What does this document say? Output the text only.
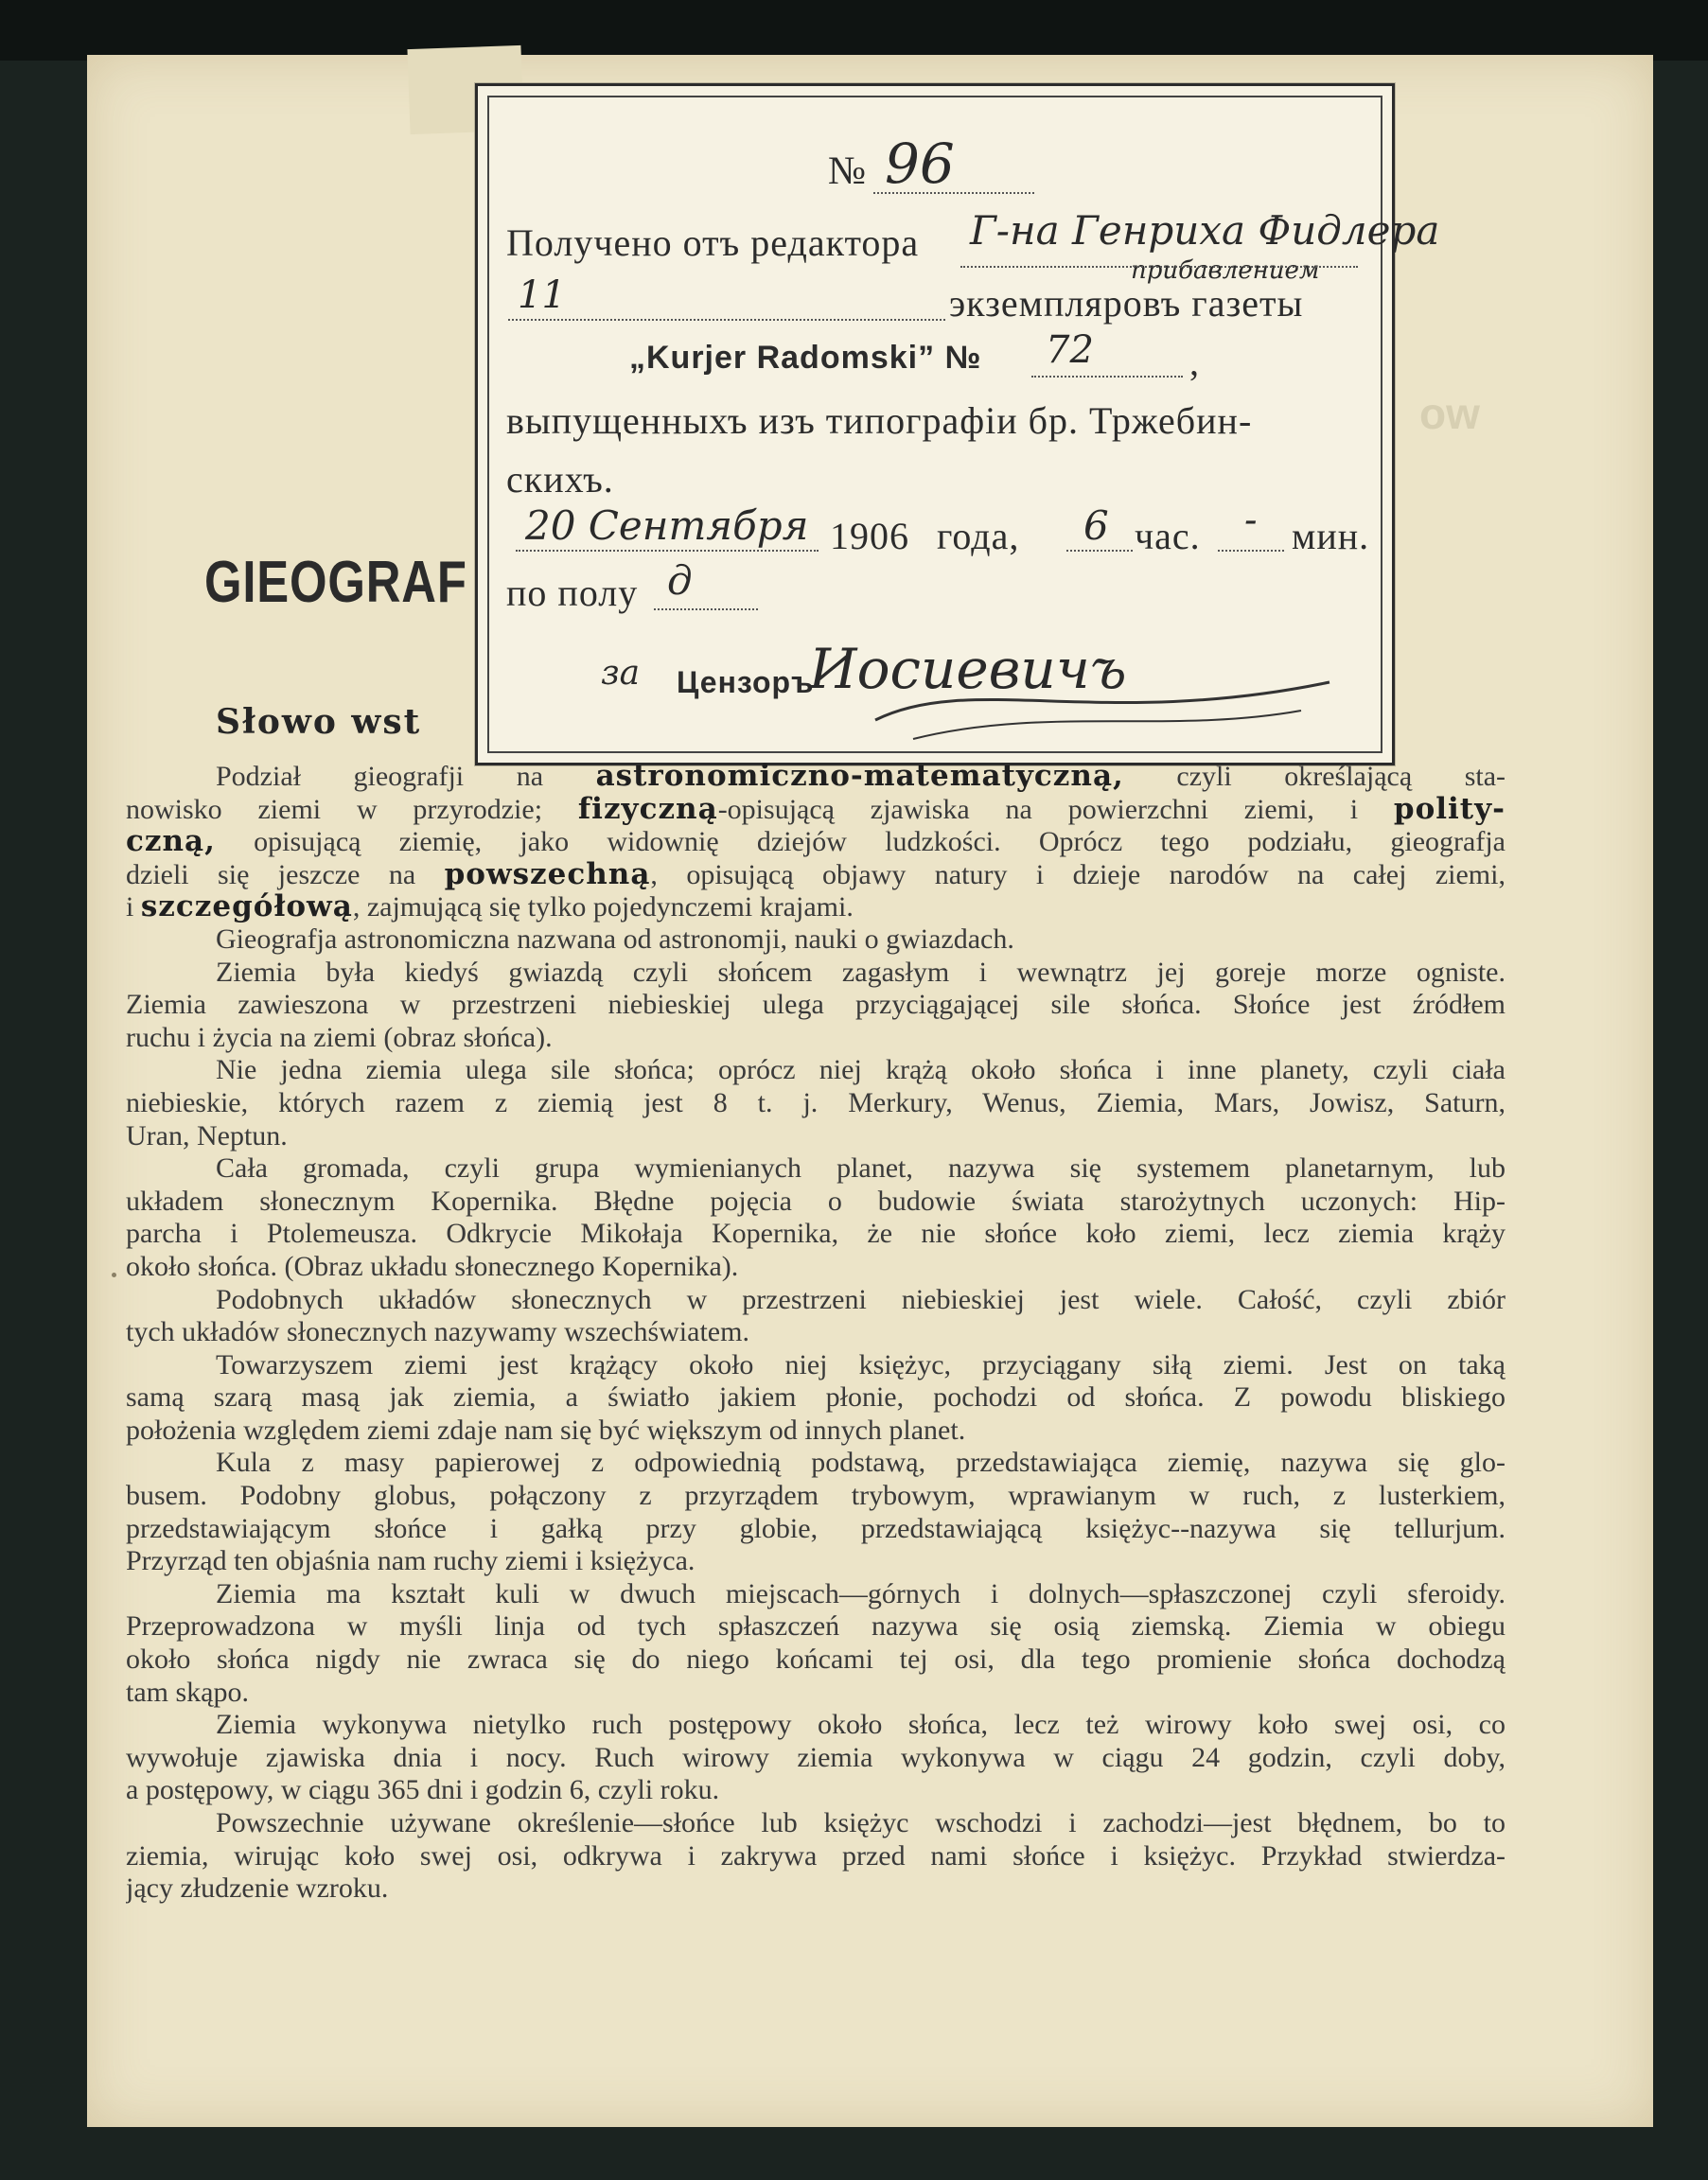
ow
GIEOGRAF
Słowo wst
№ 96
Получено отъ редактора Г-на Генриха Фидлера
прибавлением
11	экземпляровъ газеты
„Kurjer Radomski” № 72	,
выпущенныхъ изъ типографіи бр. Тржебин-
скихъ.
20 Сентября 1906 года, 6 час. - мин.
по полу д
за Цензоръ
Иосиевичъ
Podział gieografji na astronomiczno-matematyczną, czyli określającą sta-
nowisko ziemi w przyrodzie; fizyczną-opisującą zjawiska na powierzchni ziemi, i polity-
czną, opisującą ziemię, jako widownię dziejów ludzkości. Oprócz tego podziału, gieografja
dzieli się jeszcze na powszechną, opisującą objawy natury i dzieje narodów na całej ziemi,
i szczegółową, zajmującą się tylko pojedynczemi krajami.
Gieografja astronomiczna nazwana od astronomji, nauki o gwiazdach.
Ziemia była kiedyś gwiazdą czyli słońcem zagasłym i wewnątrz jej goreje morze ogniste.
Ziemia zawieszona w przestrzeni niebieskiej ulega przyciągającej sile słońca. Słońce jest źródłem
ruchu i życia na ziemi (obraz słońca).
Nie jedna ziemia ulega sile słońca; oprócz niej krążą około słońca i inne planety, czyli ciała
niebieskie, których razem z ziemią jest 8 t. j. Merkury, Wenus, Ziemia, Mars, Jowisz, Saturn,
Uran, Neptun.
Cała gromada, czyli grupa wymienianych planet, nazywa się systemem planetarnym, lub
układem słonecznym Kopernika. Błędne pojęcia o budowie świata starożytnych uczonych: Hip-
parcha i Ptolemeusza. Odkrycie Mikołaja Kopernika, że nie słońce koło ziemi, lecz ziemia krąży
około słońca. (Obraz układu słonecznego Kopernika).
Podobnych układów słonecznych w przestrzeni niebieskiej jest wiele. Całość, czyli zbiór
tych układów słonecznych nazywamy wszechświatem.
Towarzyszem ziemi jest krążący około niej księżyc, przyciągany siłą ziemi. Jest on taką
samą szarą masą jak ziemia, a światło jakiem płonie, pochodzi od słońca. Z powodu bliskiego
położenia względem ziemi zdaje nam się być większym od innych planet.
Kula z masy papierowej z odpowiednią podstawą, przedstawiająca ziemię, nazywa się glo-
busem. Podobny globus, połączony z przyrządem trybowym, wprawianym w ruch, z lusterkiem,
przedstawiającym słońce i gałką przy globie, przedstawiającą księżyc--nazywa się tellurjum.
Przyrząd ten objaśnia nam ruchy ziemi i księżyca.
Ziemia ma kształt kuli w dwuch miejscach—górnych i dolnych—spłaszczonej czyli sferoidy.
Przeprowadzona w myśli linja od tych spłaszczeń nazywa się osią ziemską. Ziemia w obiegu
około słońca nigdy nie zwraca się do niego końcami tej osi, dla tego promienie słońca dochodzą
tam skąpo.
Ziemia wykonywa nietylko ruch postępowy około słońca, lecz też wirowy koło swej osi, co
wywołuje zjawiska dnia i nocy. Ruch wirowy ziemia wykonywa w ciągu 24 godzin, czyli doby,
a postępowy, w ciągu 365 dni i godzin 6, czyli roku.
Powszechnie używane określenie—słońce lub księżyc wschodzi i zachodzi—jest błędnem, bo to
ziemia, wirując koło swej osi, odkrywa i zakrywa przed nami słońce i księżyc. Przykład stwierdza-
jący złudzenie wzroku.
